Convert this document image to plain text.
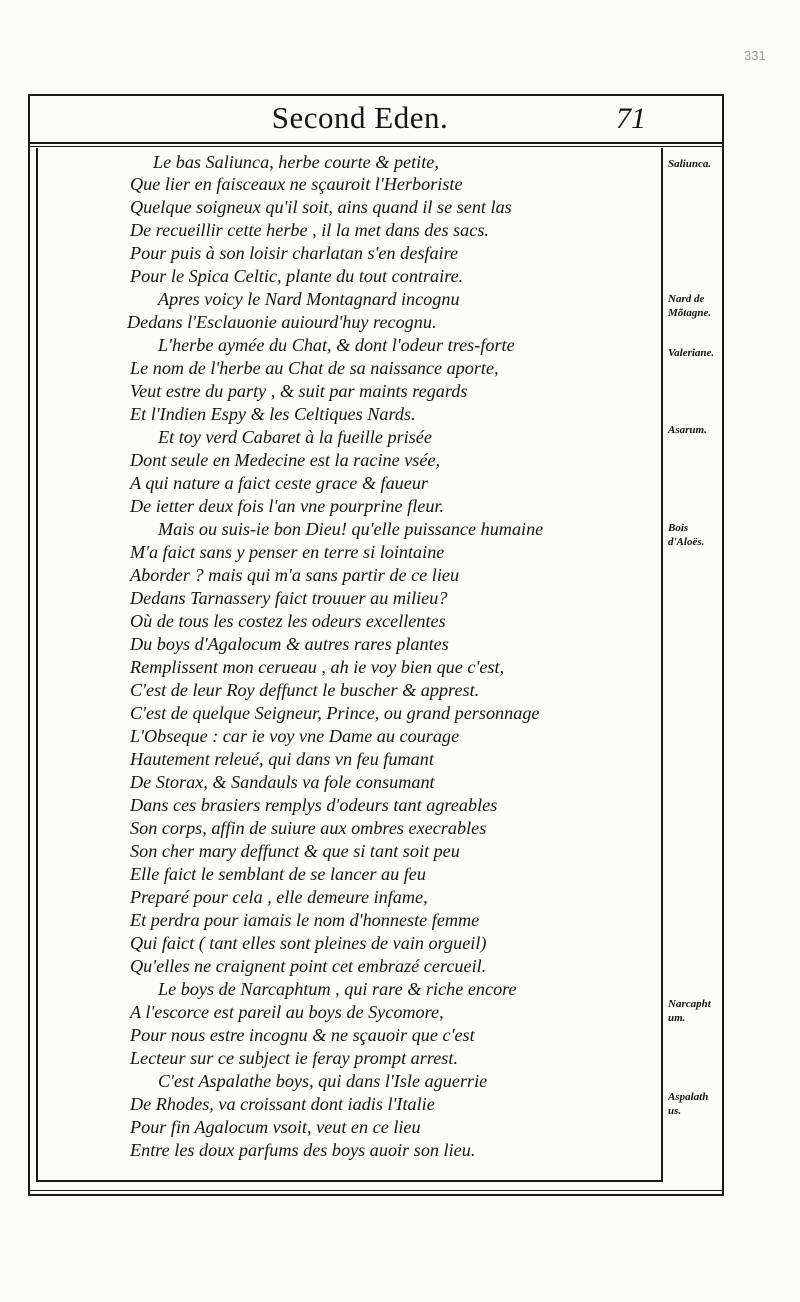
331
Second Eden.	71
Le bas Saliunca, herbe courte & petite,
Que lier en faisceaux ne sçauroit l'Herboriste
Quelque soigneux qu'il soit, ains quand il se sent las
De recueillir cette herbe , il la met dans des sacs.
Pour puis à son loisir charlatan s'en desfaire
Pour le Spica Celtic, plante du tout contraire.
Apres voicy le Nard Montagnard incognu
Dedans l'Esclauonie auiourd'huy recognu.
L'herbe aymée du Chat, & dont l'odeur tres-forte
Le nom de l'herbe au Chat de sa naissance aporte,
Veut estre du party , & suit par maints regards
Et l'Indien Espy & les Celtiques Nards.
Et toy verd Cabaret à la fueille prisée
Dont seule en Medecine est la racine vsée,
A qui nature a faict ceste grace & faueur
De ietter deux fois l'an vne pourprine fleur.
Mais ou suis-ie bon Dieu! qu'elle puissance humaine
M'a faict sans y penser en terre si lointaine
Aborder ? mais qui m'a sans partir de ce lieu
Dedans Tarnassery faict trouuer au milieu?
Où de tous les costez les odeurs excellentes
Du boys d'Agalocum & autres rares plantes
Remplissent mon cerueau , ah ie voy bien que c'est,
C'est de leur Roy deffunct le buscher & apprest.
C'est de quelque Seigneur, Prince, ou grand personnage
L'Obseque : car ie voy vne Dame au courage
Hautement releué, qui dans vn feu fumant
De Storax, & Sandauls va fole consumant
Dans ces brasiers remplys d'odeurs tant agreables
Son corps, affin de suiure aux ombres execrables
Son cher mary deffunct & que si tant soit peu
Elle faict le semblant de se lancer au feu
Preparé pour cela , elle demeure infame,
Et perdra pour iamais le nom d'honneste femme
Qui faict ( tant elles sont pleines de vain orgueil)
Qu'elles ne craignent point cet embrazé cercueil.
Le boys de Narcaphtum , qui rare & riche encore
A l'escorce est pareil au boys de Sycomore,
Pour nous estre incognu & ne sçauoir que c'est
Lecteur sur ce subject ie feray prompt arrest.
C'est Aspalathe boys, qui dans l'Isle aguerrie
De Rhodes, va croissant dont iadis l'Italie
Pour fin Agalocum vsoit, veut en ce lieu
Entre les doux parfums des boys auoir son lieu.
Saliunca.
Nard de Mõtagne.
Valeriane.
Asarum.
Bois d'Aloës.
Narcaphtum.
Aspalathus.
